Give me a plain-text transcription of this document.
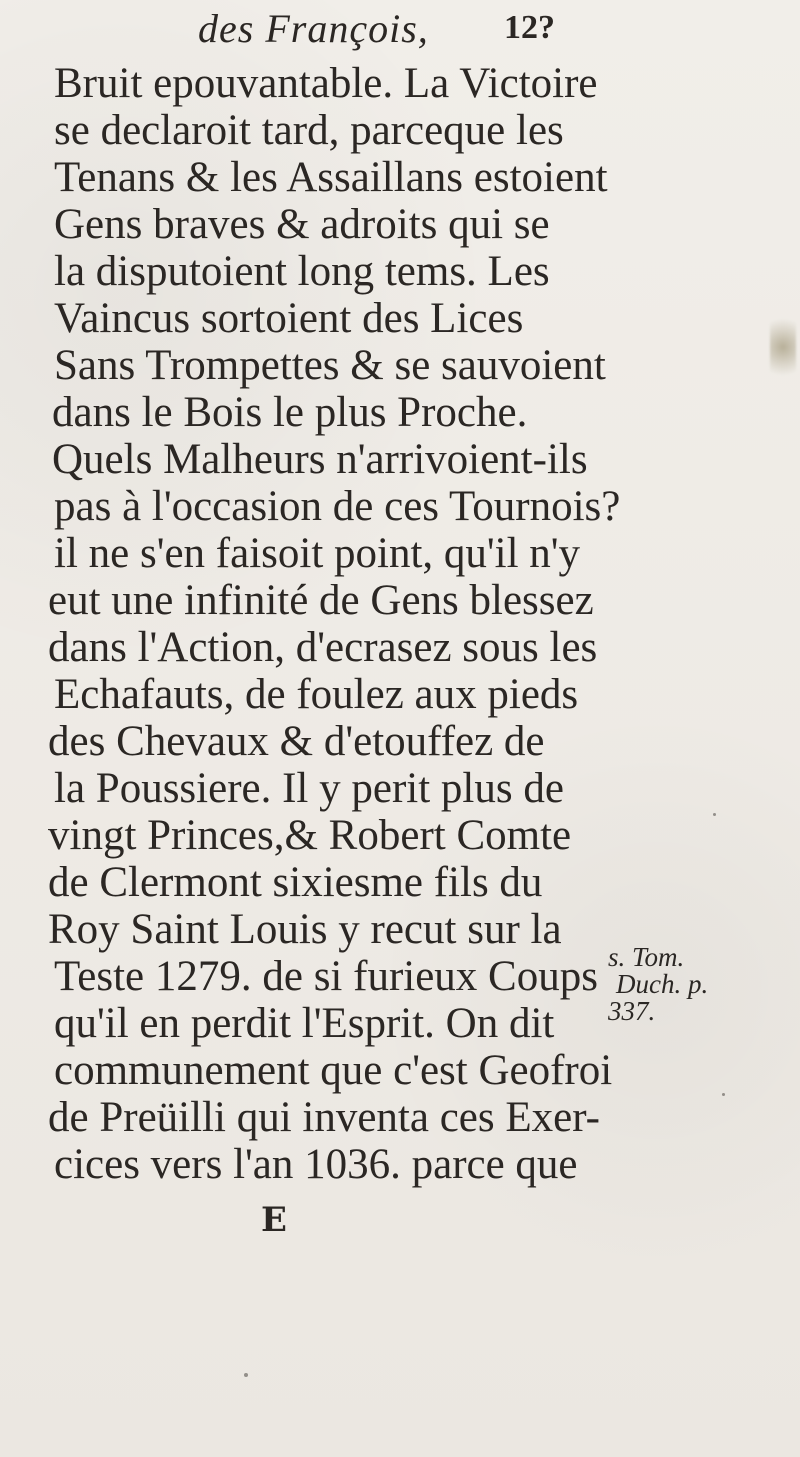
des François, 12?
Bruit epouvantable. La Victoire
se declaroit tard, parceque les
Tenans & les Assaillans estoient
Gens braves & adroits qui se
la disputoient long tems. Les
Vaincus sortoient des Lices
Sans Trompettes & se sauvoient
dans le Bois le plus Proche.
Quels Malheurs n'arrivoient-ils
pas à l'occasion de ces Tournois?
il ne s'en faisoit point, qu'il n'y
eut une infinité de Gens blessez
dans l'Action, d'ecrasez sous les
Echafauts, de foulez aux pieds
des Chevaux & d'etouffez de
la Poussiere. Il y perit plus de
vingt Princes,& Robert Comte
de Clermont sixiesme fils du
Roy Saint Louis y recut sur la
Teste 1279. de si furieux Coups
qu'il en perdit l'Esprit. On dit
communement que c'est Geofroi
de Preüilli qui inventa ces Exer-
cices vers l'an 1036. parce que
s. Tom.
Duch. p.
337.
E
